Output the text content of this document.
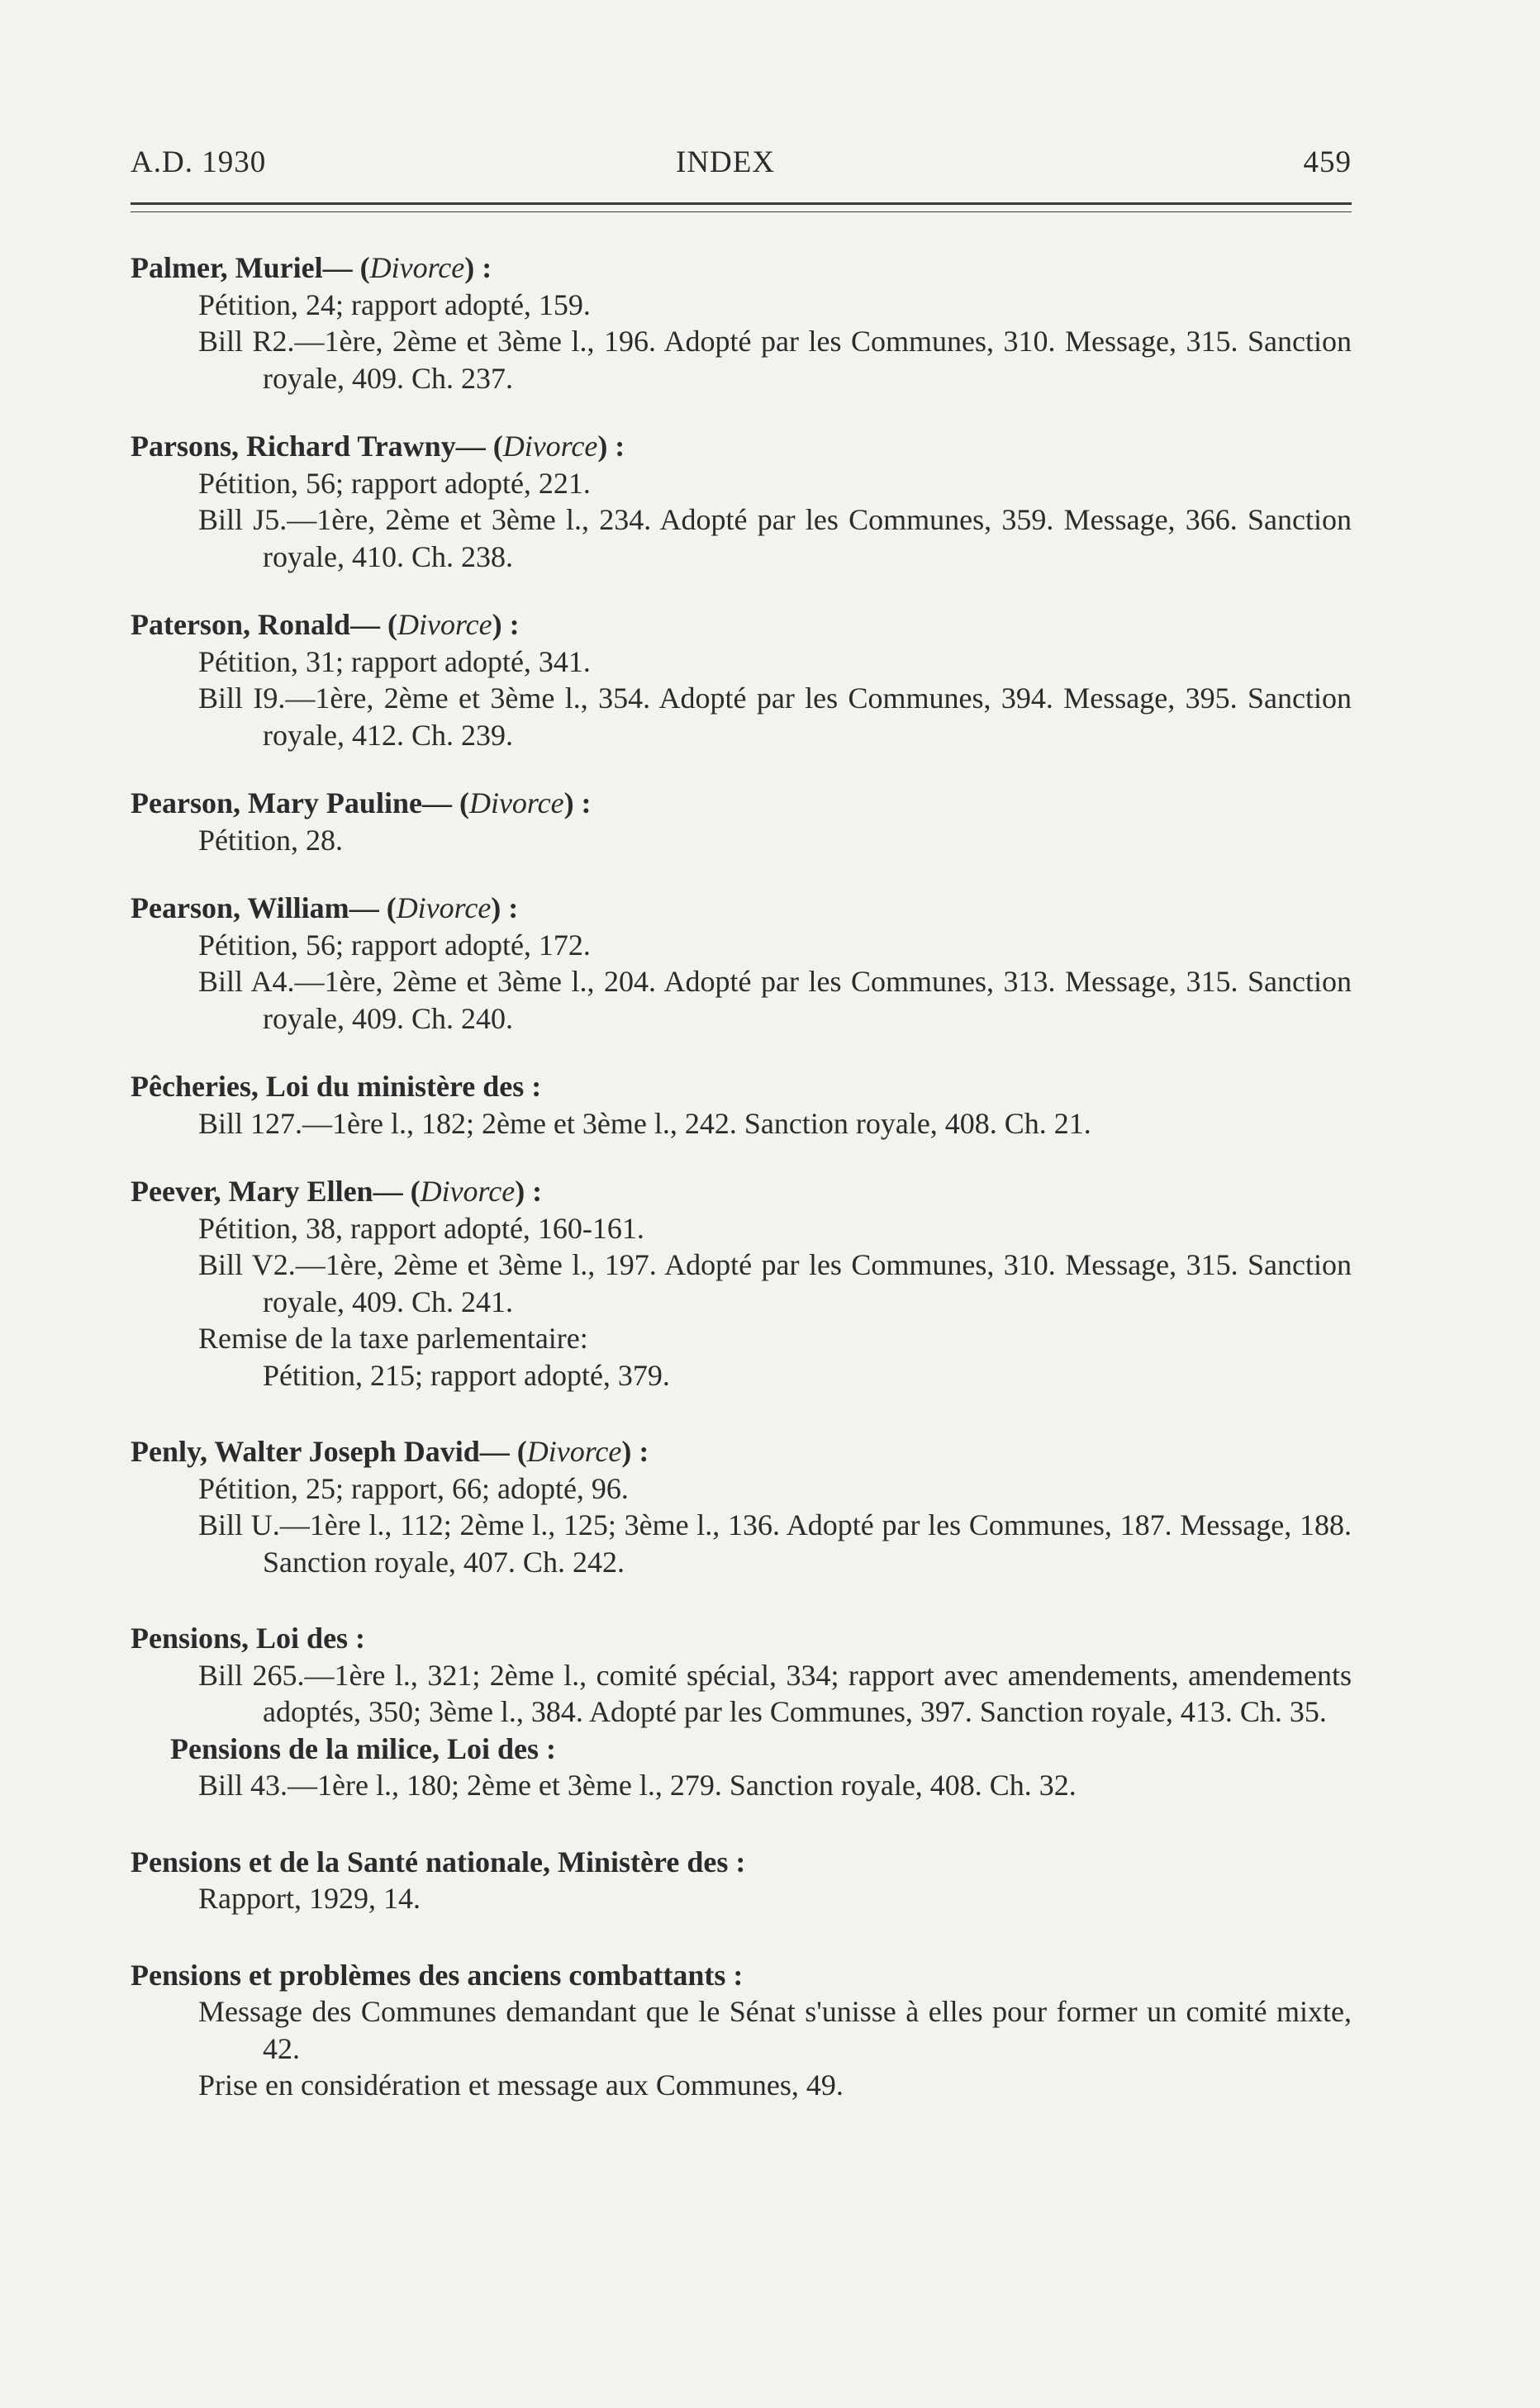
A.D. 1930	INDEX	459
Palmer, Muriel— (Divorce) :
Pétition, 24; rapport adopté, 159.
Bill R2.—1ère, 2ème et 3ème l., 196. Adopté par les Communes, 310. Message, 315. Sanction royale, 409. Ch. 237.
Parsons, Richard Trawny— (Divorce) :
Pétition, 56; rapport adopté, 221.
Bill J5.—1ère, 2ème et 3ème l., 234. Adopté par les Communes, 359. Message, 366. Sanction royale, 410. Ch. 238.
Paterson, Ronald— (Divorce) :
Pétition, 31; rapport adopté, 341.
Bill I9.—1ère, 2ème et 3ème l., 354. Adopté par les Communes, 394. Message, 395. Sanction royale, 412. Ch. 239.
Pearson, Mary Pauline— (Divorce) :
Pétition, 28.
Pearson, William— (Divorce) :
Pétition, 56; rapport adopté, 172.
Bill A4.—1ère, 2ème et 3ème l., 204. Adopté par les Communes, 313. Message, 315. Sanction royale, 409. Ch. 240.
Pêcheries, Loi du ministère des :
Bill 127.—1ère l., 182; 2ème et 3ème l., 242. Sanction royale, 408. Ch. 21.
Peever, Mary Ellen— (Divorce) :
Pétition, 38, rapport adopté, 160-161.
Bill V2.—1ère, 2ème et 3ème l., 197. Adopté par les Communes, 310. Message, 315. Sanction royale, 409. Ch. 241.
Remise de la taxe parlementaire:
Pétition, 215; rapport adopté, 379.
Penly, Walter Joseph David— (Divorce) :
Pétition, 25; rapport, 66; adopté, 96.
Bill U.—1ère l., 112; 2ème l., 125; 3ème l., 136. Adopté par les Communes, 187. Message, 188. Sanction royale, 407. Ch. 242.
Pensions, Loi des :
Bill 265.—1ère l., 321; 2ème l., comité spécial, 334; rapport avec amendements, amendements adoptés, 350; 3ème l., 384. Adopté par les Communes, 397. Sanction royale, 413. Ch. 35.
Pensions de la milice, Loi des :
Bill 43.—1ère l., 180; 2ème et 3ème l., 279. Sanction royale, 408. Ch. 32.
Pensions et de la Santé nationale, Ministère des :
Rapport, 1929, 14.
Pensions et problèmes des anciens combattants :
Message des Communes demandant que le Sénat s'unisse à elles pour former un comité mixte, 42.
Prise en considération et message aux Communes, 49.
